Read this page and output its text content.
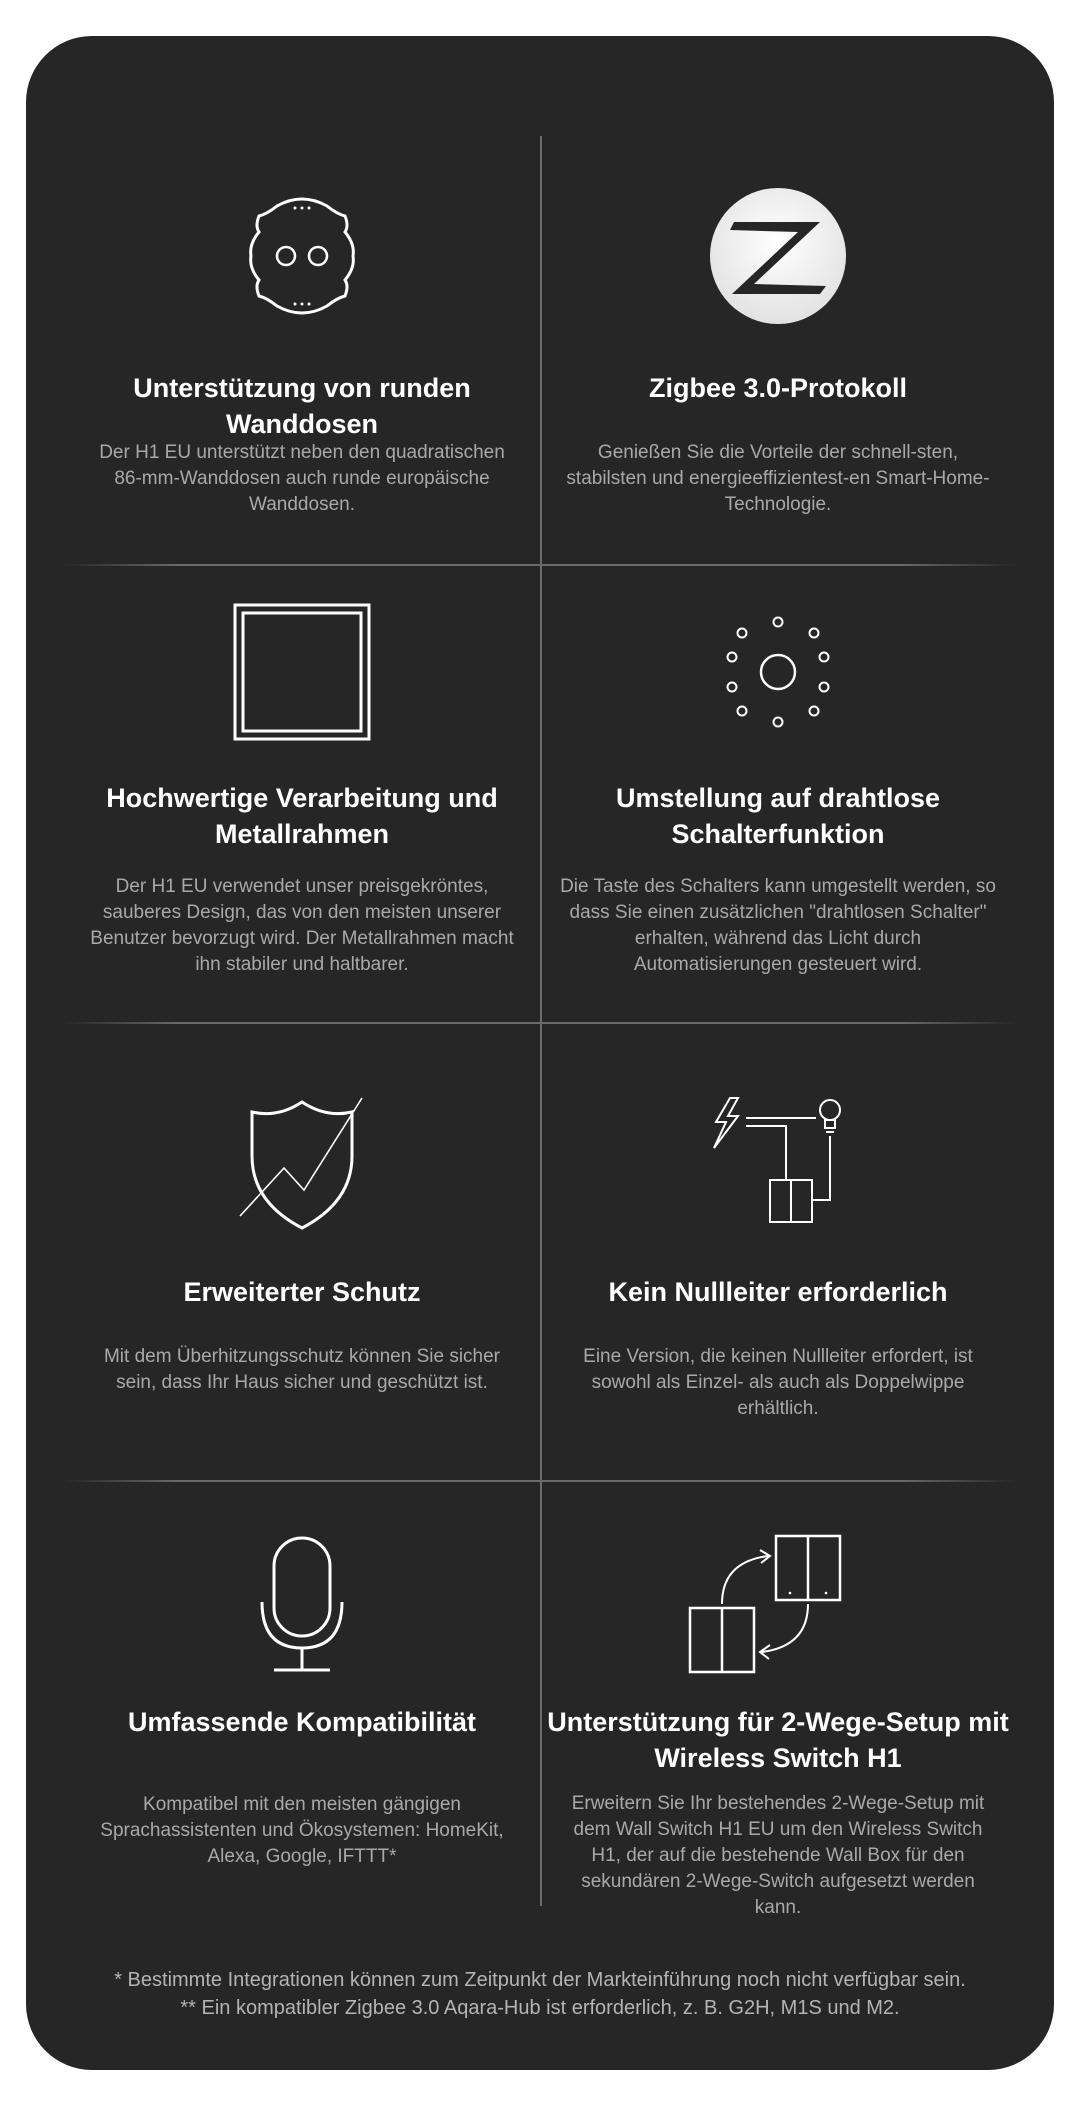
Unterstützung von runden Wanddosen

Der H1 EU unterstützt neben den quadratischen 86-mm-Wanddosen auch runde europäische Wanddosen.

Zigbee 3.0-Protokoll

Genießen Sie die Vorteile der schnell-sten, stabilsten und energieeffizientest-en Smart-Home-Technologie.

Hochwertige Verarbeitung und Metallrahmen

Der H1 EU verwendet unser preisgekröntes, sauberes Design, das von den meisten unserer Benutzer bevorzugt wird. Der Metallrahmen macht ihn stabiler und haltbarer.

Umstellung auf drahtlose Schalterfunktion

Die Taste des Schalters kann umgestellt werden, so dass Sie einen zusätzlichen "drahtlosen Schalter" erhalten, während das Licht durch Automatisierungen gesteuert wird.

Erweiterter Schutz

Mit dem Überhitzungsschutz können Sie sicher sein, dass Ihr Haus sicher und geschützt ist.

Kein Nullleiter erforderlich

Eine Version, die keinen Nullleiter erfordert, ist sowohl als Einzel- als auch als Doppelwippe erhältlich.

Umfassende Kompatibilität

Kompatibel mit den meisten gängigen Sprachassistenten und Ökosystemen: HomeKit, Alexa, Google, IFTTT*

Unterstützung für 2-Wege-Setup mit Wireless Switch H1

Erweitern Sie Ihr bestehendes 2-Wege-Setup mit dem Wall Switch H1 EU um den Wireless Switch H1, der auf die bestehende Wall Box für den sekundären 2-Wege-Switch aufgesetzt werden kann.

* Bestimmte Integrationen können zum Zeitpunkt der Markteinführung noch nicht verfügbar sein.
** Ein kompatibler Zigbee 3.0 Aqara-Hub ist erforderlich, z. B. G2H, M1S und M2.
